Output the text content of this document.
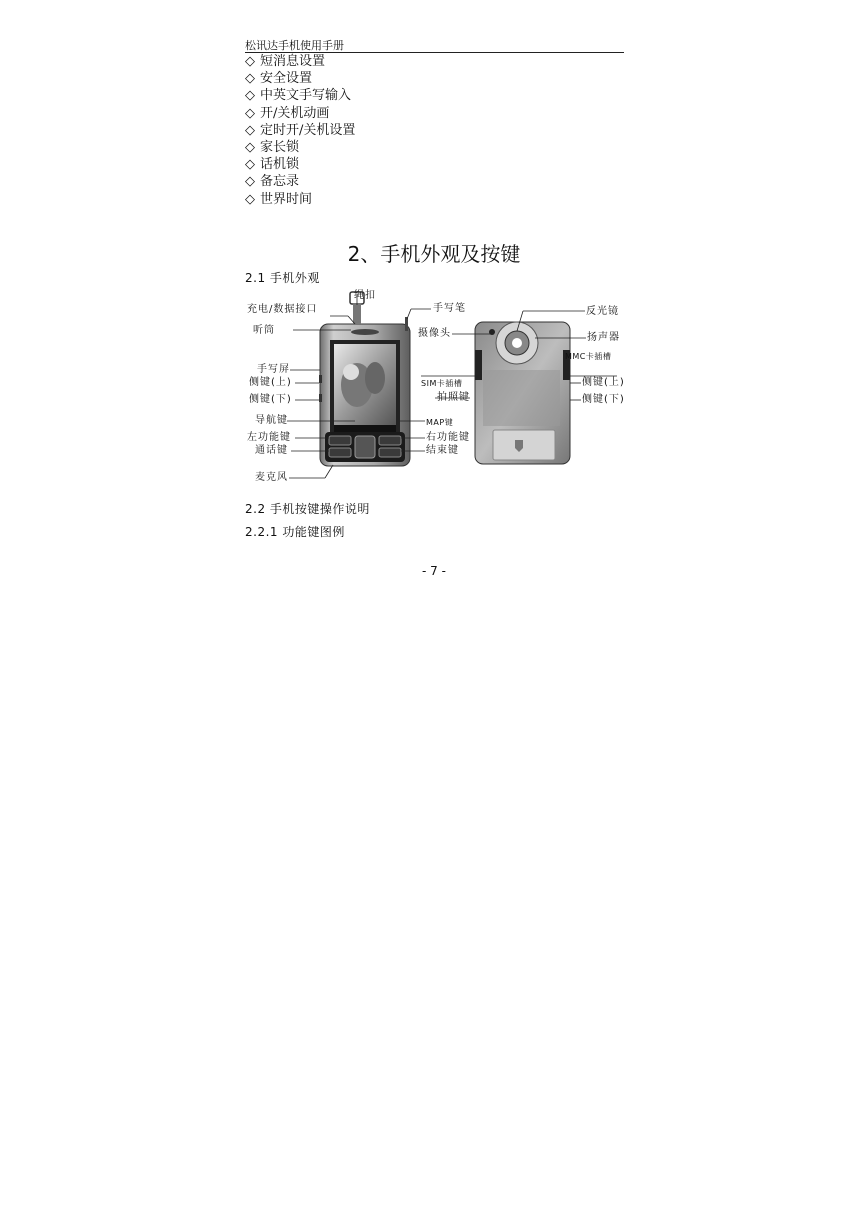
松讯达手机使用手册
◇ 短消息设置
◇ 安全设置
◇ 中英文手写输入
◇ 开/关机动画
◇ 定时开/关机设置
◇ 家长锁
◇ 话机锁
◇ 备忘录
◇ 世界时间
2、手机外观及按键
2.1 手机外观
绳扣
充电/数据接口	手写笔
听筒	摄像头
手写屏
侧键(上)
侧键(下)
导航键
左功能键
通话键
麦克风
MAP键
右功能键
结束键
拍照键
SIM卡插槽
反光镜
扬声器
MMC卡插槽
侧键(上)
侧键(下)
2.2 手机按键操作说明
2.2.1 功能键图例
- 7 -
